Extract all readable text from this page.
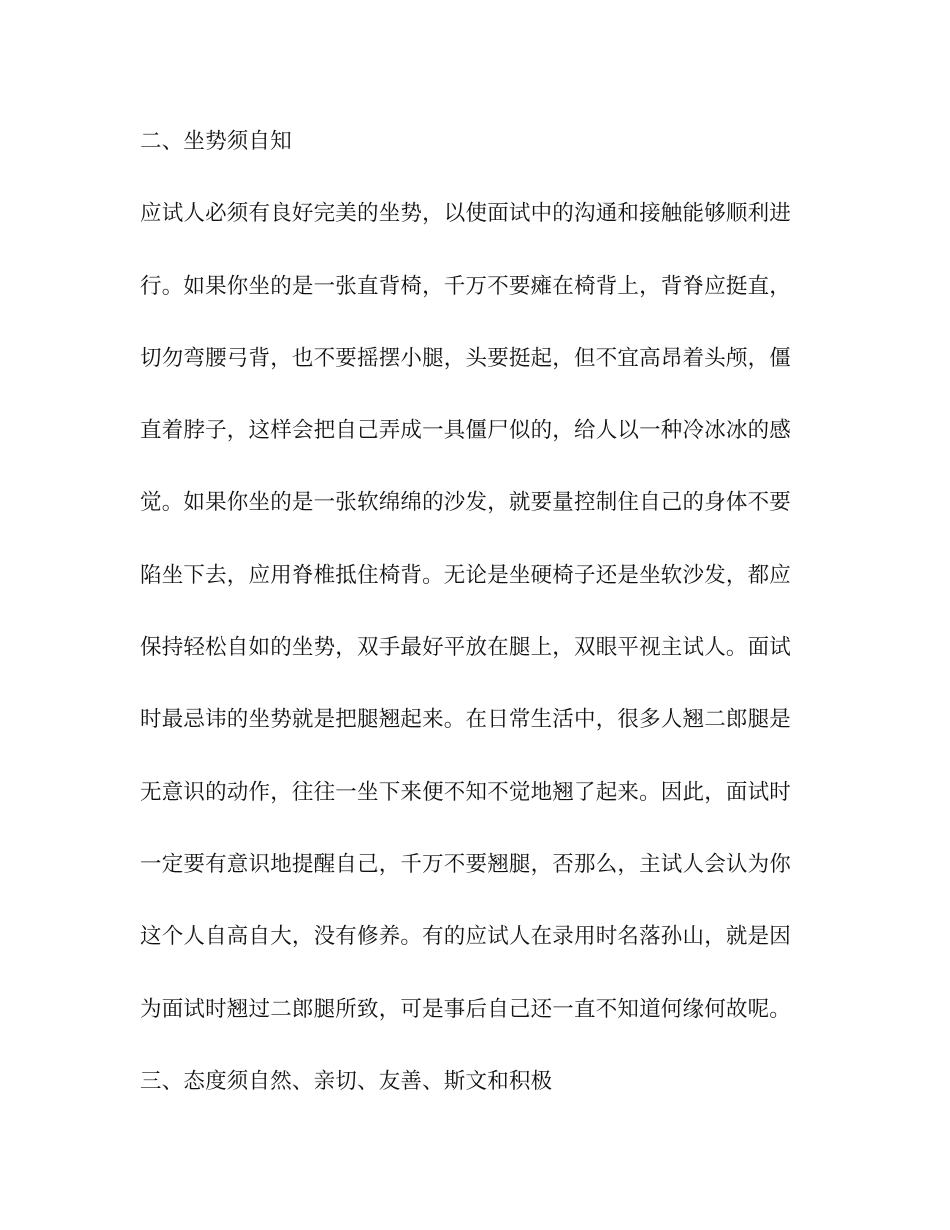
二、坐势须自知
应试人必须有良好完美的坐势，以使面试中的沟通和接触能够顺利进
行。如果你坐的是一张直背椅，千万不要瘫在椅背上，背脊应挺直，
切勿弯腰弓背，也不要摇摆小腿，头要挺起，但不宜高昂着头颅，僵
直着脖子，这样会把自己弄成一具僵尸似的，给人以一种冷冰冰的感
觉。如果你坐的是一张软绵绵的沙发，就要量控制住自己的身体不要
陷坐下去，应用脊椎抵住椅背。无论是坐硬椅子还是坐软沙发，都应
保持轻松自如的坐势，双手最好平放在腿上，双眼平视主试人。面试
时最忌讳的坐势就是把腿翘起来。在日常生活中，很多人翘二郎腿是
无意识的动作，往往一坐下来便不知不觉地翘了起来。因此，面试时
一定要有意识地提醒自己，千万不要翘腿，否那么，主试人会认为你
这个人自高自大，没有修养。有的应试人在录用时名落孙山，就是因
为面试时翘过二郎腿所致，可是事后自己还一直不知道何缘何故呢。
三、态度须自然、亲切、友善、斯文和积极
